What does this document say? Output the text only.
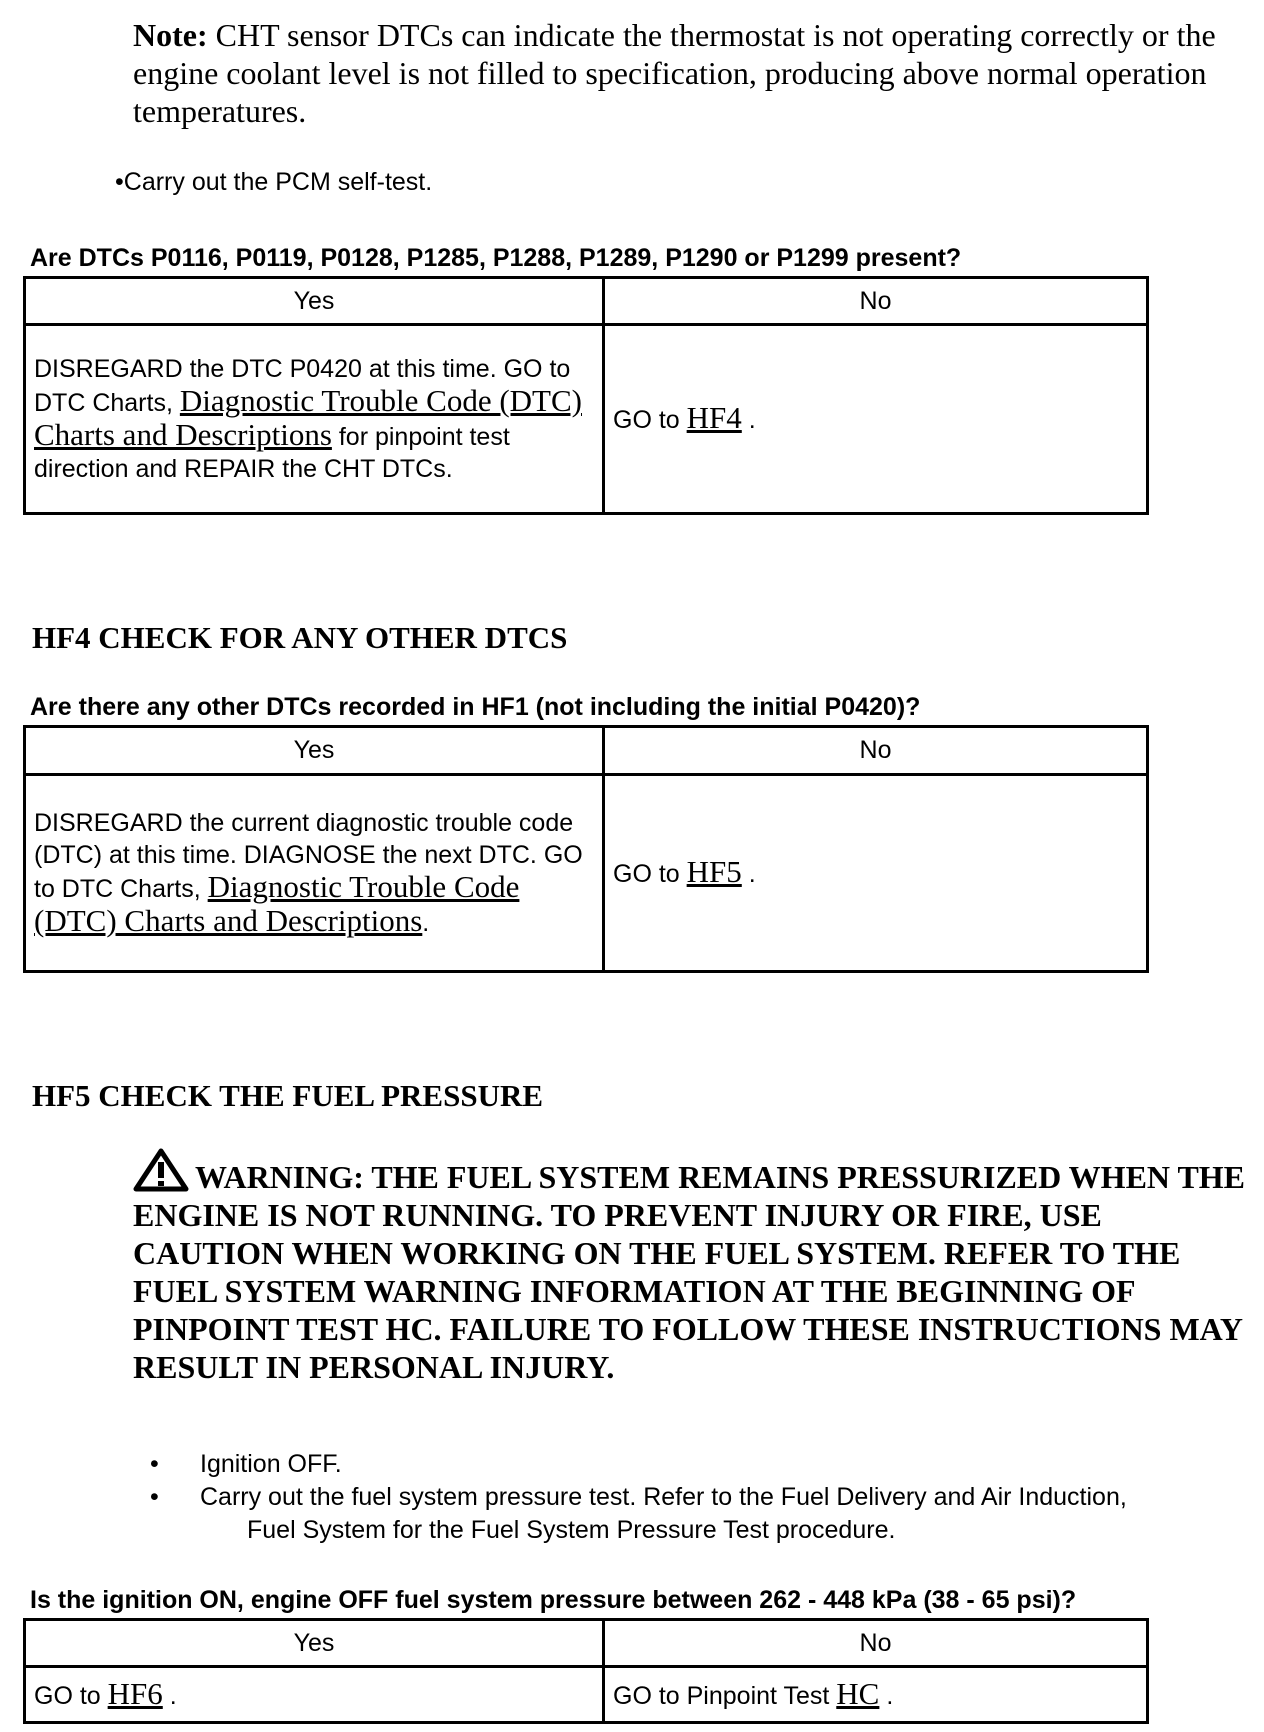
Note: CHT sensor DTCs can indicate the thermostat is not operating correctly or the engine coolant level is not filled to specification, producing above normal operation temperatures.
•Carry out the PCM self-test.
Are DTCs P0116, P0119, P0128, P1285, P1288, P1289, P1290 or P1299 present?
Yes	No
DISREGARD the DTC P0420 at this time. GO to DTC Charts, Diagnostic Trouble Code (DTC) Charts and Descriptions for pinpoint test direction and REPAIR the CHT DTCs.	GO to HF4 .
HF4 CHECK FOR ANY OTHER DTCS
Are there any other DTCs recorded in HF1 (not including the initial P0420)?
Yes	No
DISREGARD the current diagnostic trouble code (DTC) at this time. DIAGNOSE the next DTC. GO to DTC Charts, Diagnostic Trouble Code (DTC) Charts and Descriptions.	GO to HF5 .
HF5 CHECK THE FUEL PRESSURE
WARNING: THE FUEL SYSTEM REMAINS PRESSURIZED WHEN THE ENGINE IS NOT RUNNING. TO PREVENT INJURY OR FIRE, USE CAUTION WHEN WORKING ON THE FUEL SYSTEM. REFER TO THE FUEL SYSTEM WARNING INFORMATION AT THE BEGINNING OF PINPOINT TEST HC. FAILURE TO FOLLOW THESE INSTRUCTIONS MAY RESULT IN PERSONAL INJURY.
• Ignition OFF.
• Carry out the fuel system pressure test. Refer to the Fuel Delivery and Air Induction,
Fuel System for the Fuel System Pressure Test procedure.
Is the ignition ON, engine OFF fuel system pressure between 262 - 448 kPa (38 - 65 psi)?
Yes	No
GO to HF6 .	GO to Pinpoint Test HC .
